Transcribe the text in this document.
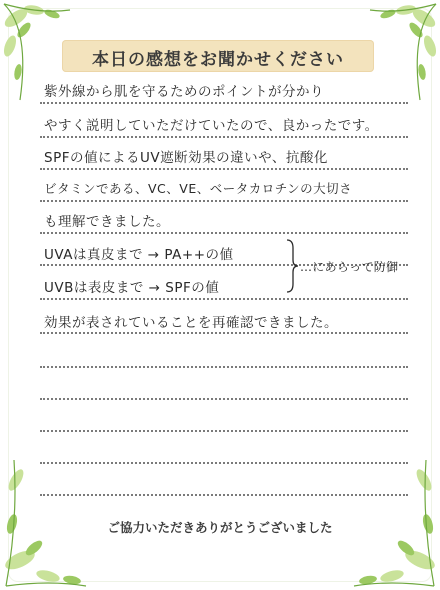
本日の感想をお聞かせください
紫外線から肌を守るためのポイントが分かり
やすく説明していただけていたので、良かったです。
SPFの値によるUV遮断効果の違いや、抗酸化
ビタミンである、VC、VE、ベータカロチンの大切さ
も理解できました。
UVAは真皮まで → PA++の値
UVBは表皮まで → SPFの値
効果が表されていることを再確認できました。
…にあらって防御
ご協力いただきありがとうございました
